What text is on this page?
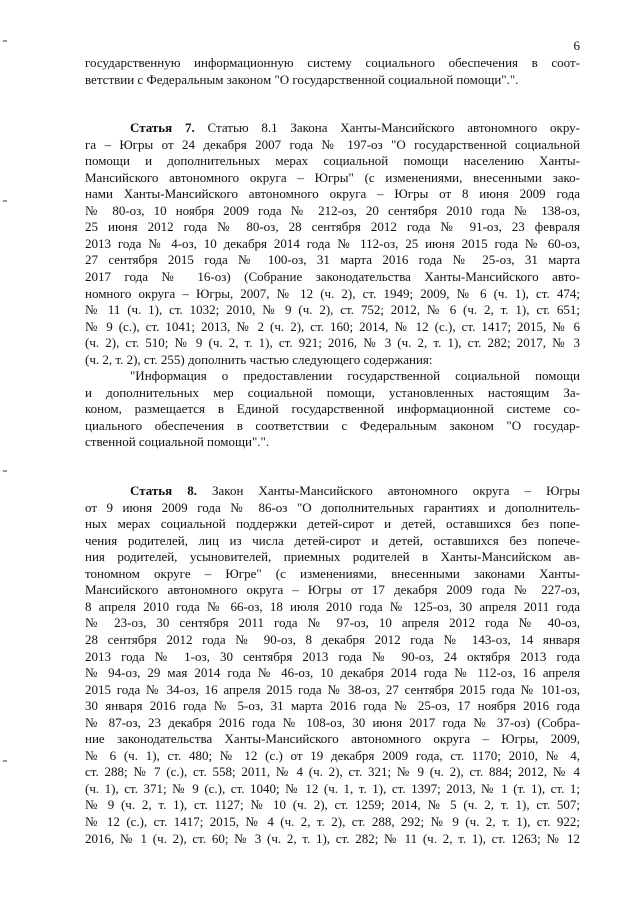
6
государственную информационную систему социального обеспечения в соот-
ветствии с Федеральным законом "О государственной социальной помощи".".
Статья 7. Статью 8.1 Закона Ханты-Мансийского автономного окру-
га – Югры от 24 декабря 2007 года № 197-оз "О государственной социальной
помощи и дополнительных мерах социальной помощи населению Ханты-
Мансийского автономного округа – Югры" (с изменениями, внесенными зако-
нами Ханты-Мансийского автономного округа – Югры от 8 июня 2009 года
№ 80-оз, 10 ноября 2009 года № 212-оз, 20 сентября 2010 года № 138-оз,
25 июня 2012 года № 80-оз, 28 сентября 2012 года № 91-оз, 23 февраля
2013 года № 4-оз, 10 декабря 2014 года № 112-оз, 25 июня 2015 года № 60-оз,
27 сентября 2015 года № 100-оз, 31 марта 2016 года № 25-оз, 31 марта
2017 года № 16-оз) (Собрание законодательства Ханты-Мансийского авто-
номного округа – Югры, 2007, № 12 (ч. 2), ст. 1949; 2009, № 6 (ч. 1), ст. 474;
№ 11 (ч. 1), ст. 1032; 2010, № 9 (ч. 2), ст. 752; 2012, № 6 (ч. 2, т. 1), ст. 651;
№ 9 (с.), ст. 1041; 2013, № 2 (ч. 2), ст. 160; 2014, № 12 (с.), ст. 1417; 2015, № 6
(ч. 2), ст. 510; № 9 (ч. 2, т. 1), ст. 921; 2016, № 3 (ч. 2, т. 1), ст. 282; 2017, № 3
(ч. 2, т. 2), ст. 255) дополнить частью следующего содержания:
"Информация о предоставлении государственной социальной помощи
и дополнительных мер социальной помощи, установленных настоящим За-
коном, размещается в Единой государственной информационной системе со-
циального обеспечения в соответствии с Федеральным законом "О государ-
ственной социальной помощи".".
Статья 8. Закон Ханты-Мансийского автономного округа – Югры
от 9 июня 2009 года № 86-оз "О дополнительных гарантиях и дополнитель-
ных мерах социальной поддержки детей-сирот и детей, оставшихся без попе-
чения родителей, лиц из числа детей-сирот и детей, оставшихся без попече-
ния родителей, усыновителей, приемных родителей в Ханты-Мансийском ав-
тономном округе – Югре" (с изменениями, внесенными законами Ханты-
Мансийского автономного округа – Югры от 17 декабря 2009 года № 227-оз,
8 апреля 2010 года № 66-оз, 18 июля 2010 года № 125-оз, 30 апреля 2011 года
№ 23-оз, 30 сентября 2011 года № 97-оз, 10 апреля 2012 года № 40-оз,
28 сентября 2012 года № 90-оз, 8 декабря 2012 года № 143-оз, 14 января
2013 года № 1-оз, 30 сентября 2013 года № 90-оз, 24 октября 2013 года
№ 94-оз, 29 мая 2014 года № 46-оз, 10 декабря 2014 года № 112-оз, 16 апреля
2015 года № 34-оз, 16 апреля 2015 года № 38-оз, 27 сентября 2015 года № 101-оз,
30 января 2016 года № 5-оз, 31 марта 2016 года № 25-оз, 17 ноября 2016 года
№ 87-оз, 23 декабря 2016 года № 108-оз, 30 июня 2017 года № 37-оз) (Собра-
ние законодательства Ханты-Мансийского автономного округа – Югры, 2009,
№ 6 (ч. 1), ст. 480; № 12 (с.) от 19 декабря 2009 года, ст. 1170; 2010, № 4,
ст. 288; № 7 (с.), ст. 558; 2011, № 4 (ч. 2), ст. 321; № 9 (ч. 2), ст. 884; 2012, № 4
(ч. 1), ст. 371; № 9 (с.), ст. 1040; № 12 (ч. 1, т. 1), ст. 1397; 2013, № 1 (т. 1), ст. 1;
№ 9 (ч. 2, т. 1), ст. 1127; № 10 (ч. 2), ст. 1259; 2014, № 5 (ч. 2, т. 1), ст. 507;
№ 12 (с.), ст. 1417; 2015, № 4 (ч. 2, т. 2), ст. 288, 292; № 9 (ч. 2, т. 1), ст. 922;
2016, № 1 (ч. 2), ст. 60; № 3 (ч. 2, т. 1), ст. 282; № 11 (ч. 2, т. 1), ст. 1263; № 12
